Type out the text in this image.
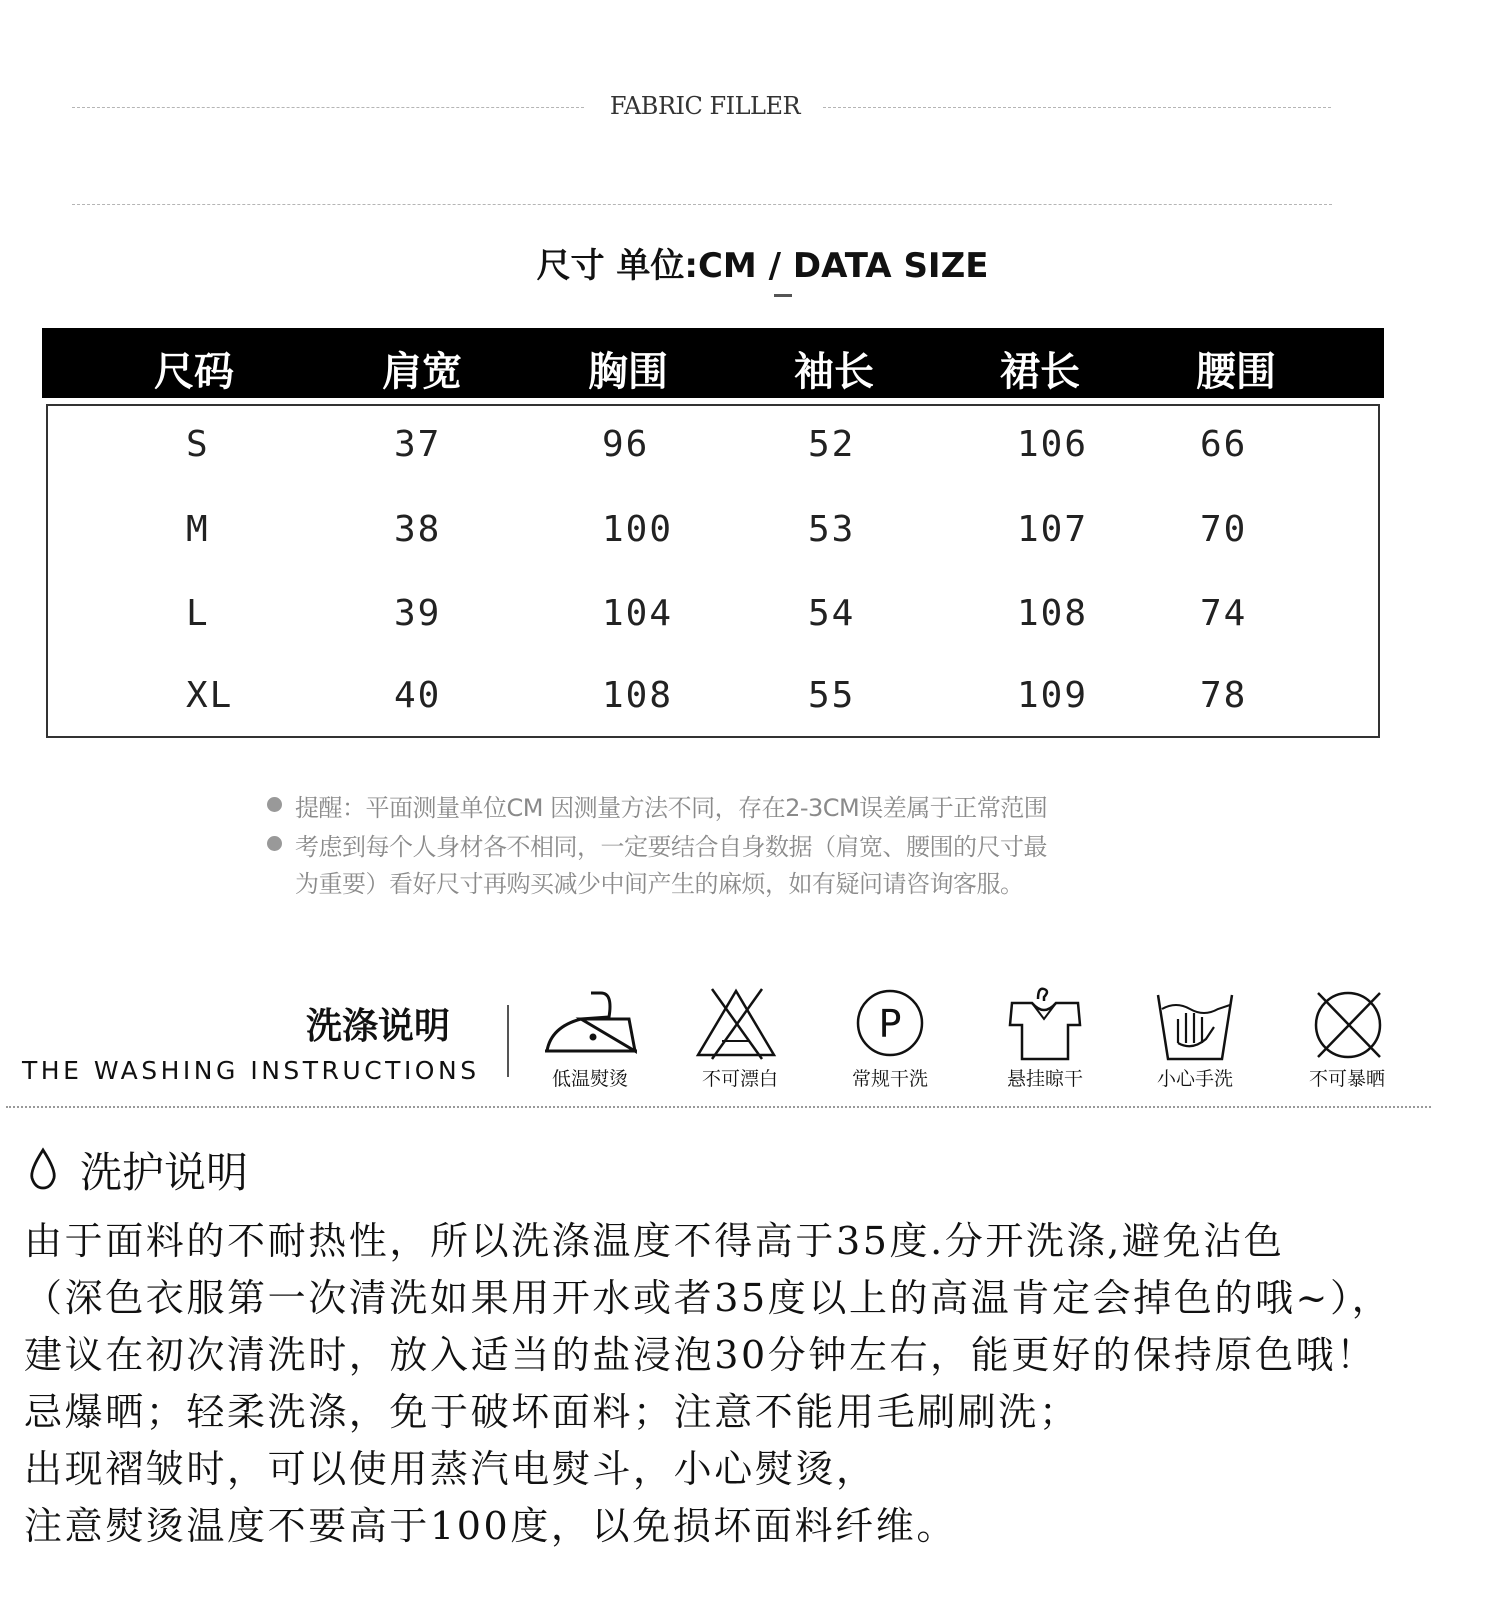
FABRIC FILLER
尺寸 单位:CM / DATA SIZE
尺码	肩宽	胸围	袖长	裙长	腰围
S	37	96	52	106	66
M	38	100	53	107	70
L	39	104	54	108	74
XL	40	108	55	109	78
提醒：平面测量单位CM 因测量方法不同，存在2-3CM误差属于正常范围
考虑到每个人身材各不相同，一定要结合自身数据（肩宽、腰围的尺寸最
为重要）看好尺寸再购买减少中间产生的麻烦，如有疑问请咨询客服。
洗涤说明
THE WASHING INSTRUCTIONS	低温熨烫	不可漂白
P
常规干洗	悬挂晾干	小心手洗	不可暴晒
洗护说明
由于面料的不耐热性，所以洗涤温度不得高于35度.分开洗涤,避免沾色
（深色衣服第一次清洗如果用开水或者35度以上的高温肯定会掉色的哦~），
建议在初次清洗时，放入适当的盐浸泡30分钟左右，能更好的保持原色哦！
忌爆晒；轻柔洗涤，免于破坏面料；注意不能用毛刷刷洗；
出现褶皱时，可以使用蒸汽电熨斗，小心熨烫，
注意熨烫温度不要高于100度，以免损坏面料纤维。
